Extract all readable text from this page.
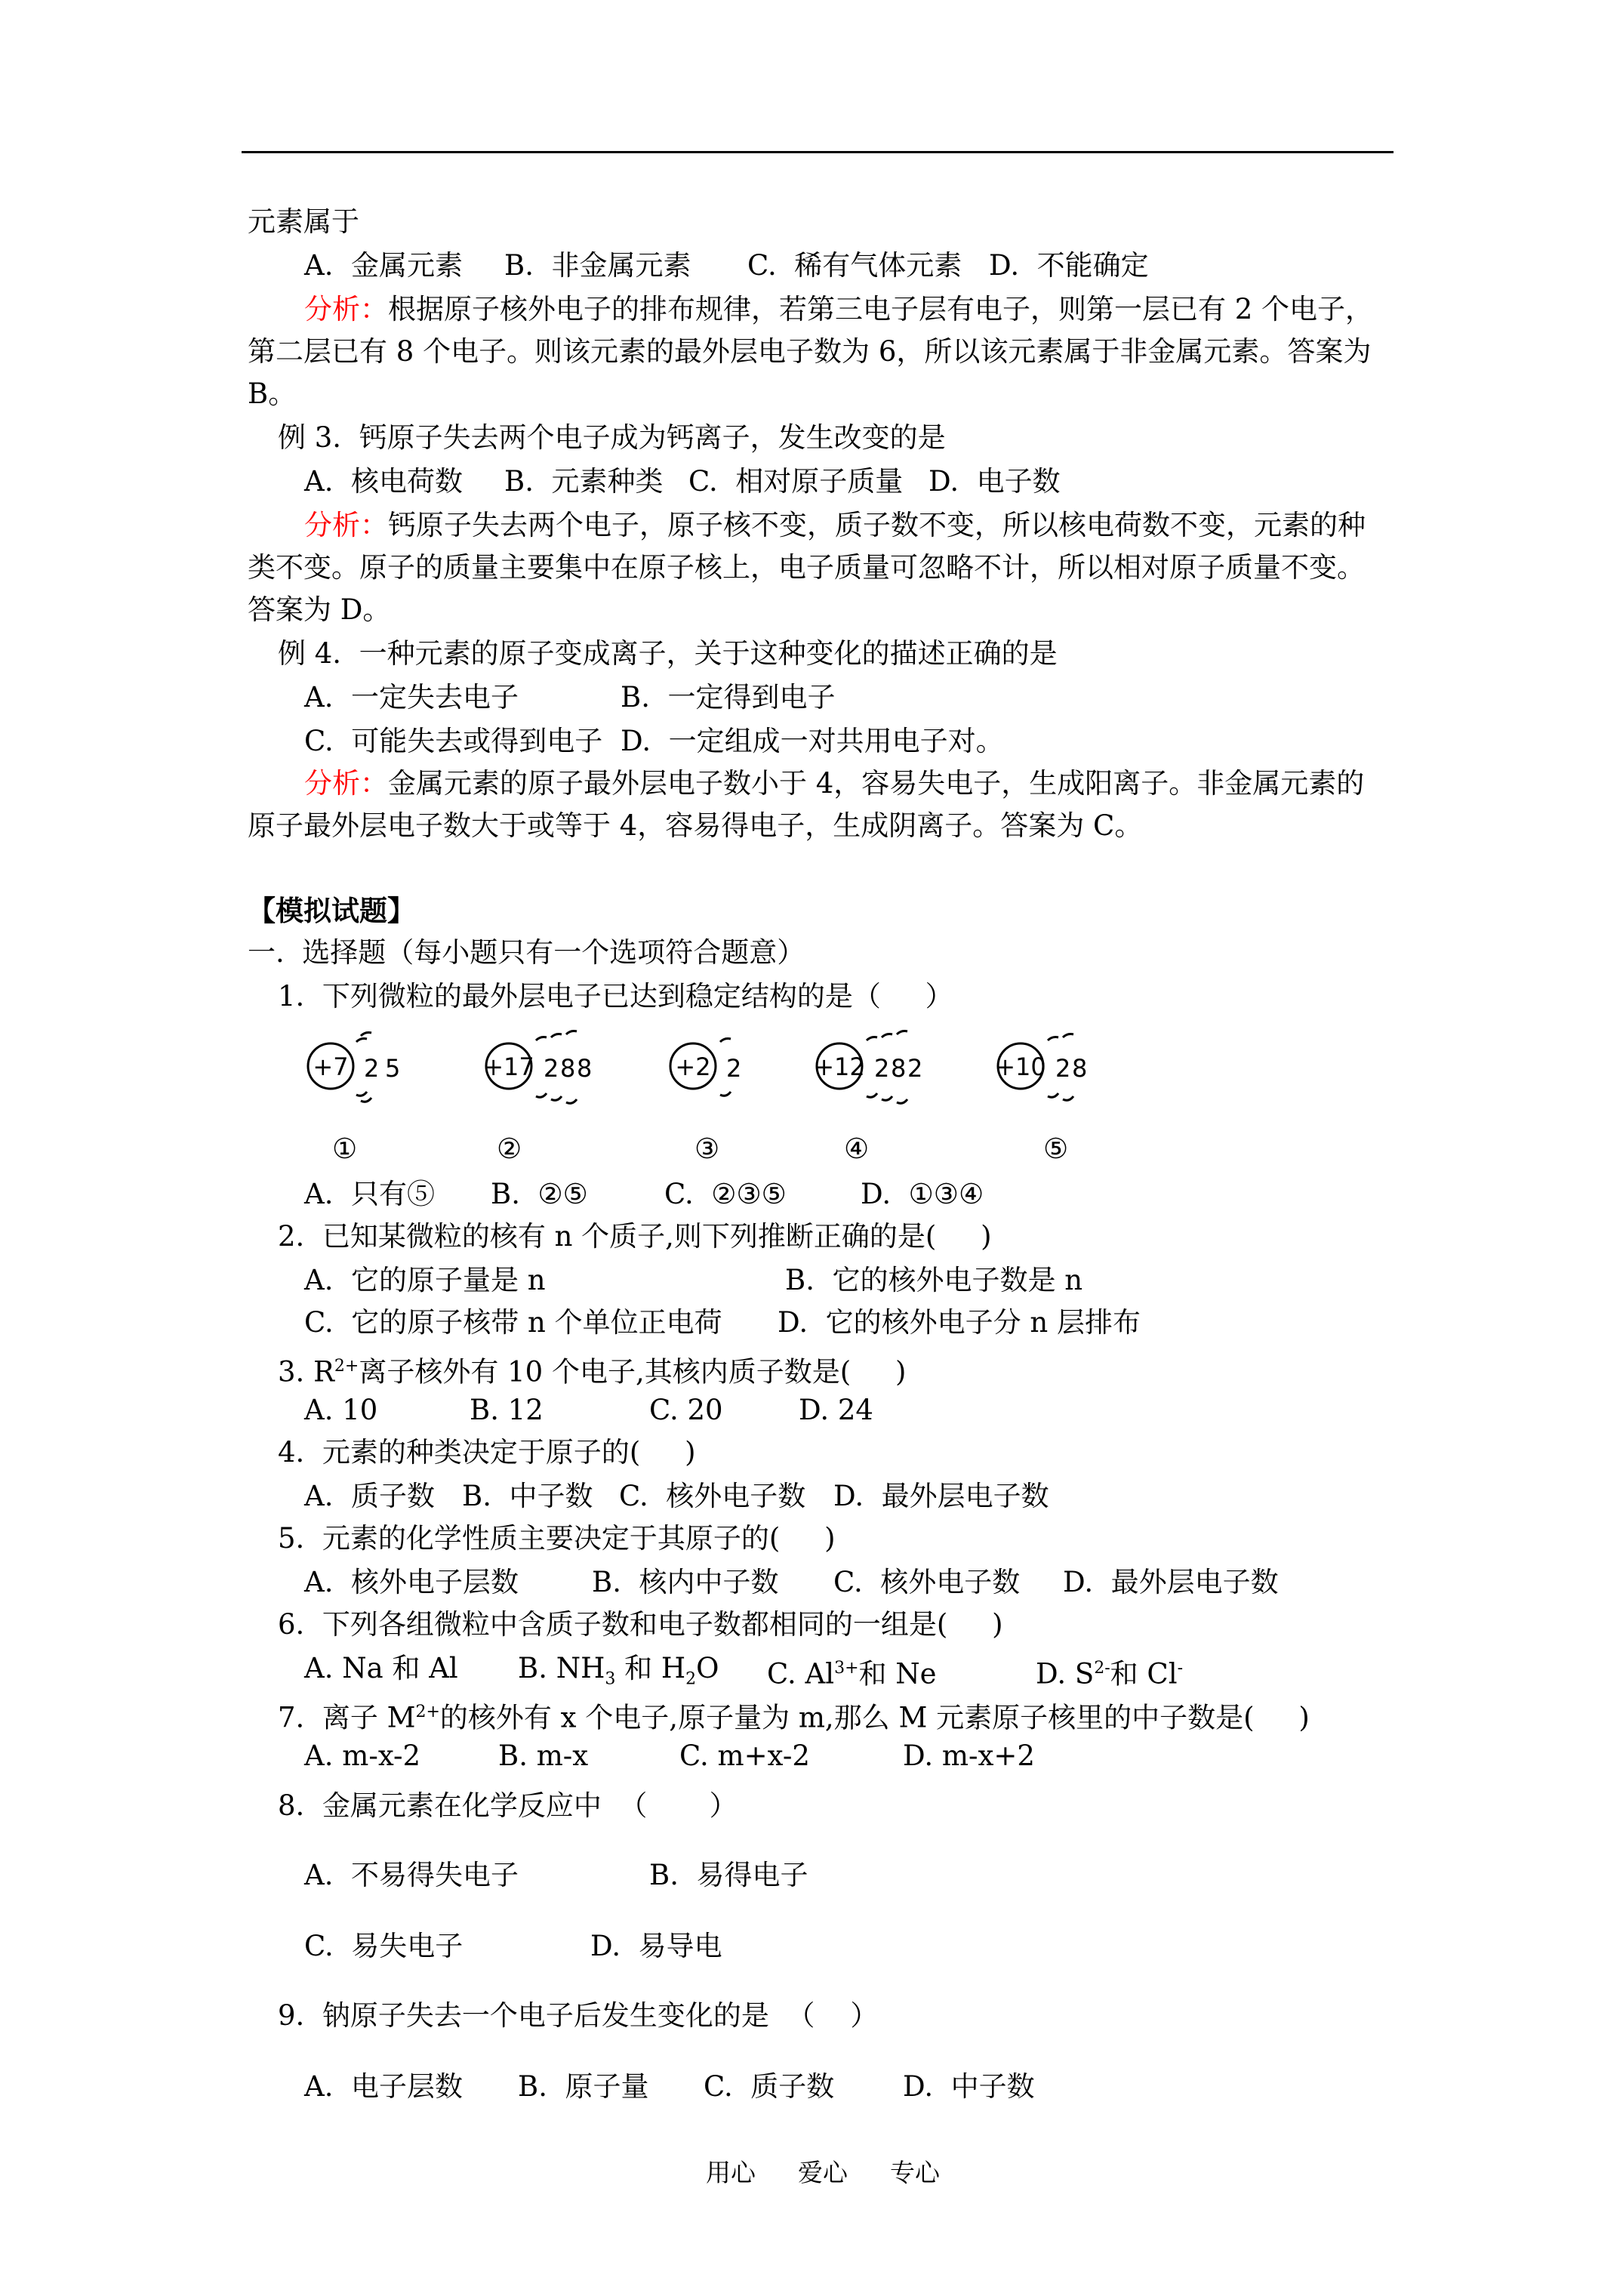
元素属于
A.  金属元素 B.  非金属元素 C.  稀有气体元素 D.  不能确定
分析：根据原子核外电子的排布规律，若第三电子层有电子，则第一层已有 2 个电子，
第二层已有 8 个电子。则该元素的最外层电子数为 6，所以该元素属于非金属元素。答案为
B。
例 3.  钙原子失去两个电子成为钙离子，发生改变的是
A.  核电荷数 B.  元素种类 C.  相对原子质量 D.  电子数
分析：钙原子失去两个电子，原子核不变，质子数不变，所以核电荷数不变，元素的种
类不变。原子的质量主要集中在原子核上，电子质量可忽略不计，所以相对原子质量不变。
答案为 D。
例 4.  一种元素的原子变成离子，关于这种变化的描述正确的是
A.  一定失去电子	B.  一定得到电子
C.  可能失去或得到电子 D.  一定组成一对共用电子对。
分析：金属元素的原子最外层电子数小于 4，容易失电子，生成阳离子。非金属元素的
原子最外层电子数大于或等于 4，容易得电子，生成阴离子。答案为 C。
【模拟试题】
一.  选择题（每小题只有一个选项符合题意）
1.  下列微粒的最外层电子已达到稳定结构的是（     ）
+7 2 5	+17 2 8 8	+2 2	+12 2 8 2	+10 2 8
①	②	③	④	⑤
A.  只有⑤ B.  ②⑤	C.  ②③⑤	D.  ①③④
2.  已知某微粒的核有 n 个质子,则下列推断正确的是(     )
A.  它的原子量是 n	B.  它的核外电子数是 n
C.  它的原子核带 n 个单位正电荷 D.  它的核外电子分 n 层排布
3. $R^{2+}$离子核外有 10 个电子,其核内质子数是(     )
A. 10	B. 12	C. 20	D. 24
4.  元素的种类决定于原子的(     )
A.  质子数 B.  中子数 C.  核外电子数 D.  最外层电子数
5.  元素的化学性质主要决定于其原子的(     )
A.  核外电子层数	B.  核内中子数 C.  核外电子数 D.  最外层电子数
6.  下列各组微粒中含质子数和电子数都相同的一组是(     )
A. Na 和 Al B. $NH_3$ 和 $H_2O$ C. $Al^{3+}$和 Ne	D. $S^{2-}$和 Cl-
7.  离子 $M^{2+}$的核外有 x 个电子,原子量为 m,那么 M 元素原子核里的中子数是(     )
A. m-x-2	B. m-x	C. m+x-2	D. m-x+2
8.  金属元素在化学反应中  （       ）
A.  不易得失电子	B.  易得电子
C.  易失电子	D.  易导电
9.  钠原子失去一个电子后发生变化的是  （    ）
A.  电子层数 B.  原子量 C.  质子数 D.  中子数
用心 爱心 专心
